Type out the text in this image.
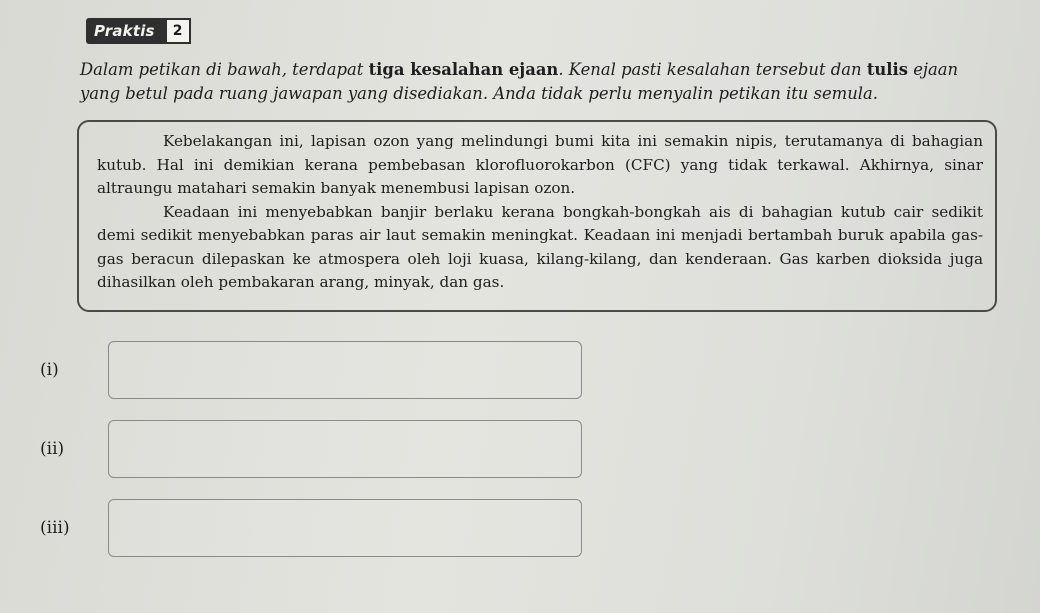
Praktis	2
Dalam petikan di bawah, terdapat tiga kesalahan ejaan. Kenal pasti kesalahan tersebut dan tulis ejaan yang betul pada ruang jawapan yang disediakan. Anda tidak perlu menyalin petikan itu semula.

Kebelakangan ini, lapisan ozon yang melindungi bumi kita ini semakin nipis, terutamanya di bahagian kutub. Hal ini demikian kerana pembebasan klorofluorokarbon (CFC) yang tidak terkawal. Akhirnya, sinar altraungu matahari semakin banyak menembusi lapisan ozon.

Keadaan ini menyebabkan banjir berlaku kerana bongkah-bongkah ais di bahagian kutub cair sedikit demi sedikit menyebabkan paras air laut semakin meningkat. Keadaan ini menjadi bertambah buruk apabila gas-gas beracun dilepaskan ke atmospera oleh loji kuasa, kilang-kilang, dan kenderaan. Gas karben dioksida juga dihasilkan oleh pembakaran arang, minyak, dan gas.

(i)
(ii)
(iii)
